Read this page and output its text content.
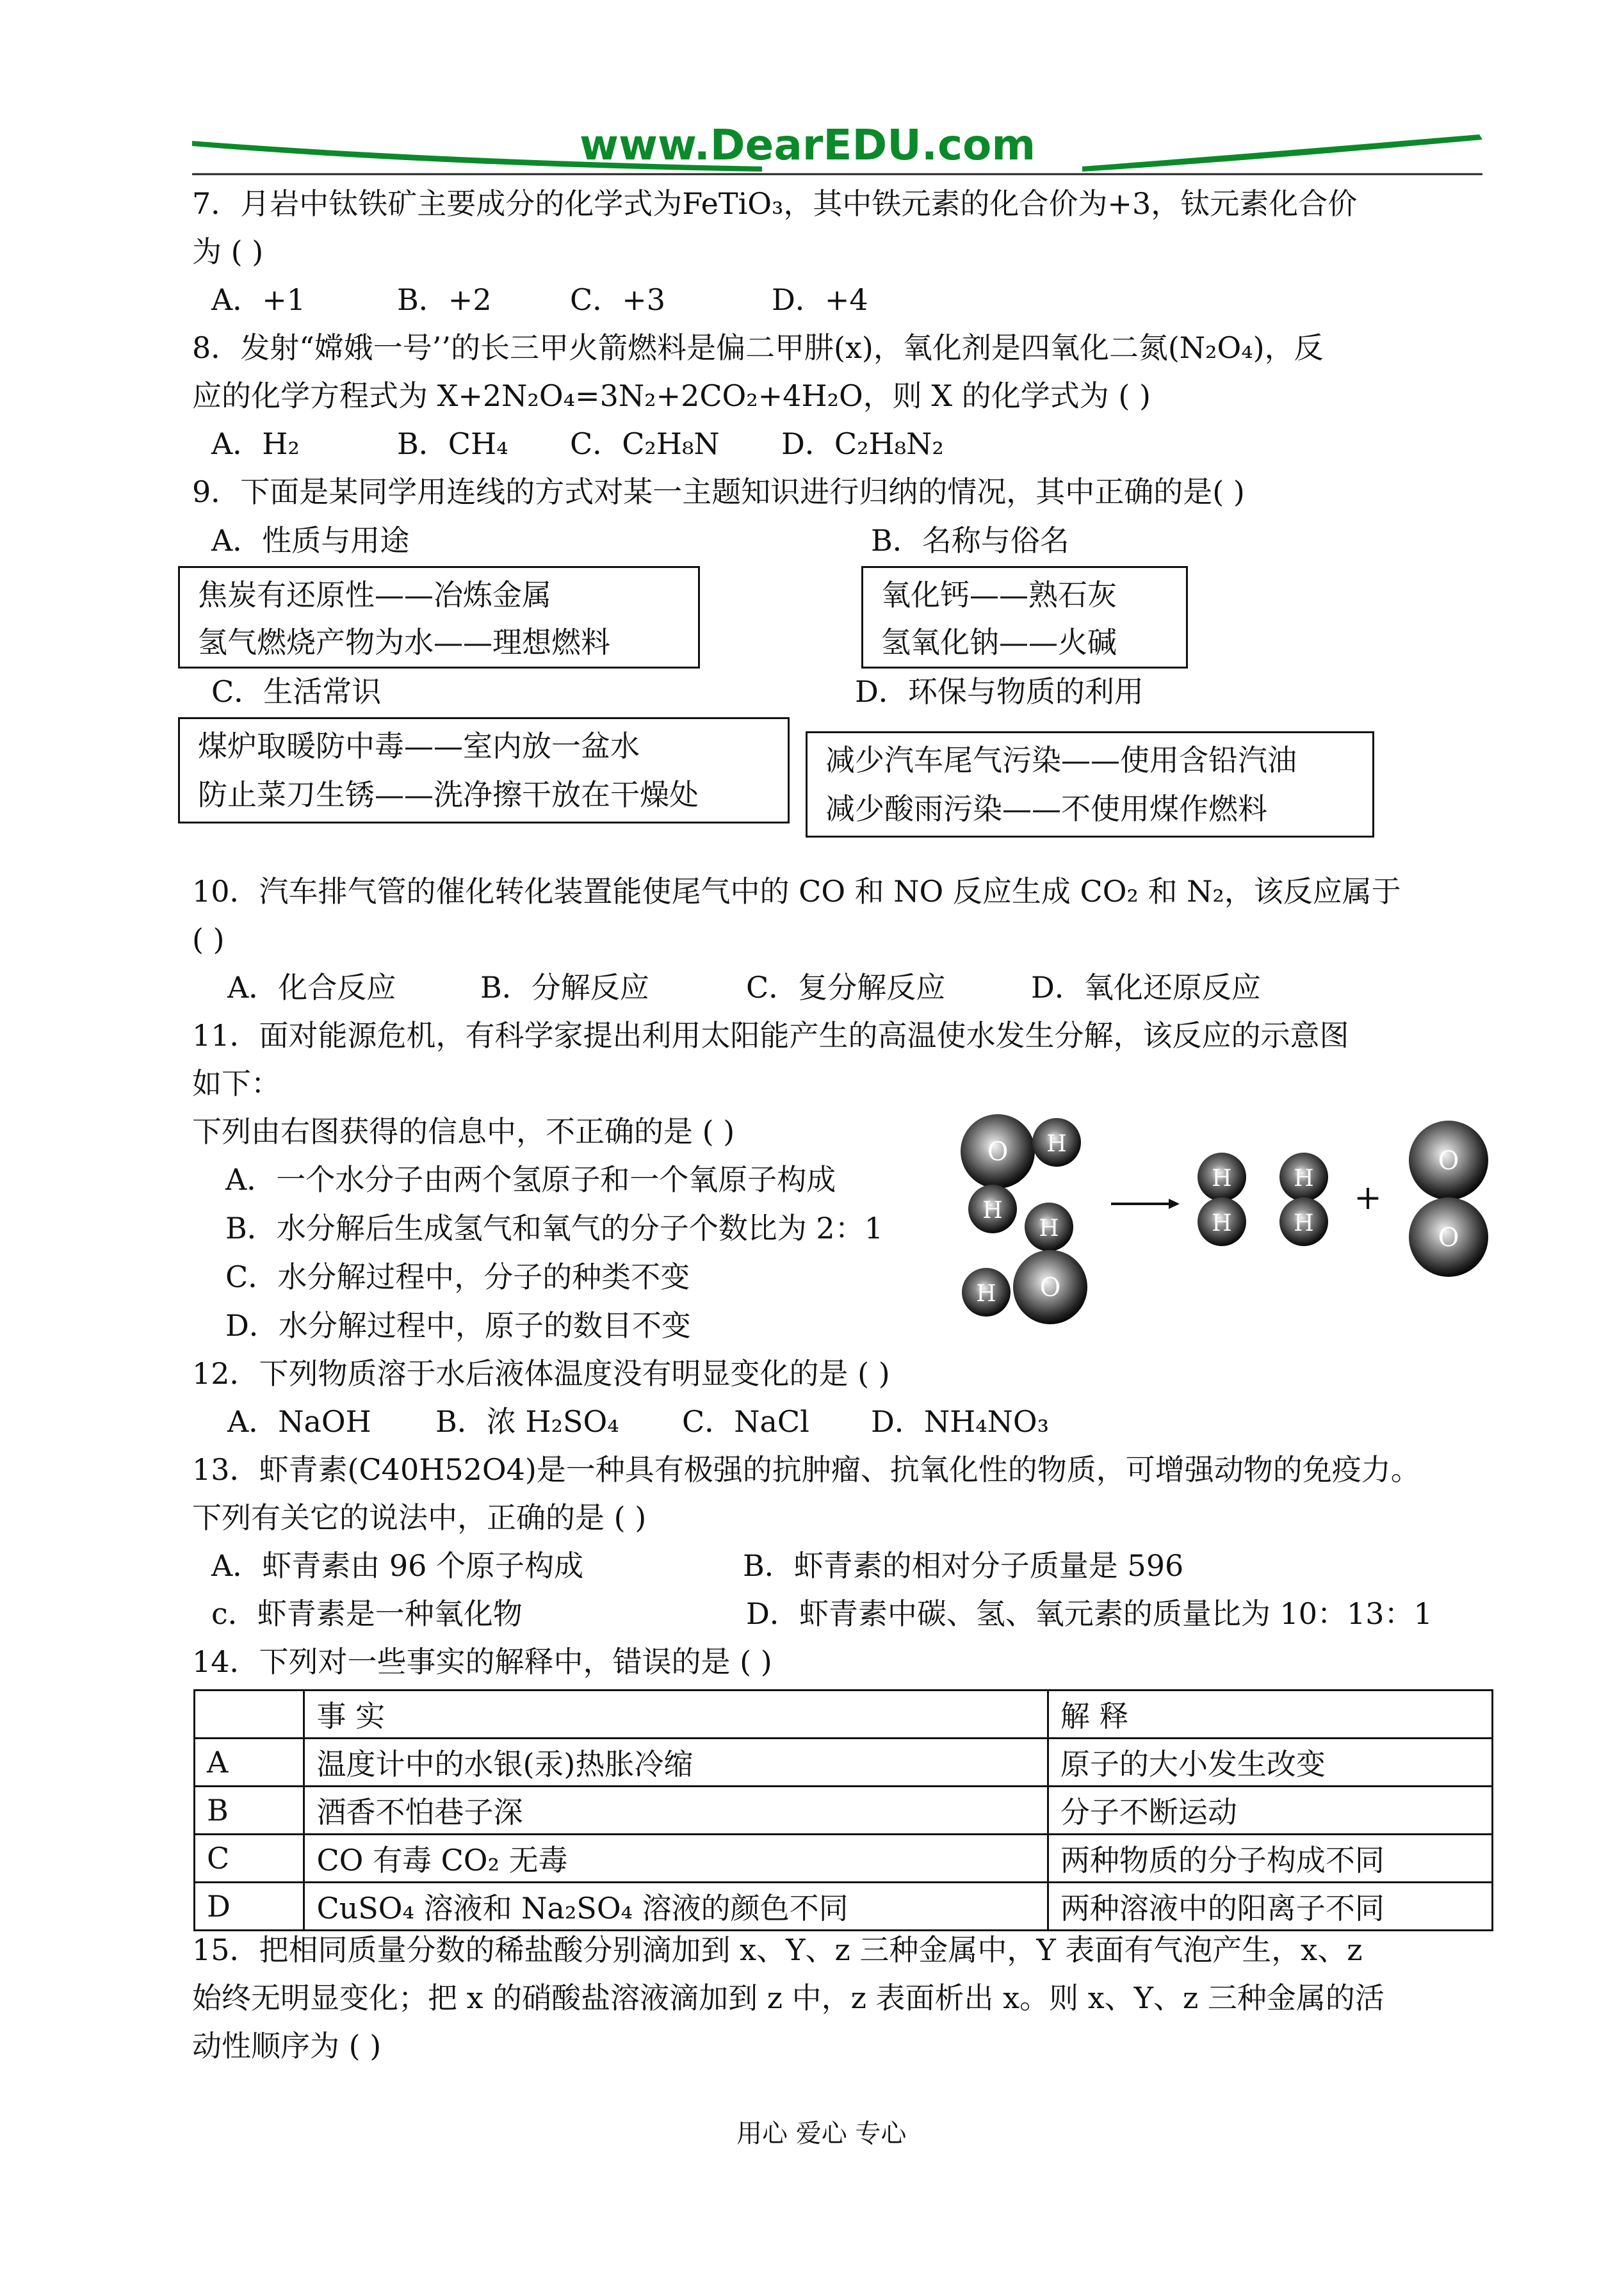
www.DearEDU.com
7．月岩中钛铁矿主要成分的化学式为FeTiO₃，其中铁元素的化合价为+3，钛元素化合价
为 ( )
A．+1	B．+2	C．+3	D．+4
8．发射“嫦娥一号’’的长三甲火箭燃料是偏二甲肼(x)，氧化剂是四氧化二氮(N₂O₄)，反
应的化学方程式为 X+2N₂O₄=3N₂+2CO₂+4H₂O，则 X 的化学式为 ( )
A．H₂	B．CH₄ C．C₂H₈N D．C₂H₈N₂
9．下面是某同学用连线的方式对某一主题知识进行归纳的情况，其中正确的是( )
A．性质与用途	B．名称与俗名
焦炭有还原性——冶炼金属
氢气燃烧产物为水——理想燃料
氧化钙——熟石灰
氢氧化钠——火碱
C．生活常识	D．环保与物质的利用
煤炉取暖防中毒——室内放一盆水
防止菜刀生锈——洗净擦干放在干燥处
减少汽车尾气污染——使用含铅汽油
减少酸雨污染——不使用煤作燃料
10．汽车排气管的催化转化装置能使尾气中的 CO 和 NO 反应生成 CO₂ 和 N₂，该反应属于
( )
A．化合反应	B．分解反应	C．复分解反应	D．氧化还原反应
11．面对能源危机，有科学家提出利用太阳能产生的高温使水发生分解，该反应的示意图
如下：
下列由右图获得的信息中，不正确的是 ( )
A．一个水分子由两个氢原子和一个氧原子构成
B．水分解后生成氢气和氧气的分子个数比为 2：1
C．水分解过程中，分子的种类不变
D．水分解过程中，原子的数目不变
O H
H
H
O
H
H
H
H
H
+
O
O
12．下列物质溶于水后液体温度没有明显变化的是 ( )
A．NaOH B．浓 H₂SO₄ C．NaCl D．NH₄NO₃
13．虾青素(C40H52O4)是一种具有极强的抗肿瘤、抗氧化性的物质，可增强动物的免疫力。
下列有关它的说法中，正确的是 ( )
A．虾青素由 96 个原子构成	B．虾青素的相对分子质量是 596
c．虾青素是一种氧化物	D．虾青素中碳、氢、氧元素的质量比为 10：13：1
14．下列对一些事实的解释中，错误的是 ( )
	事 实	解 释
A	温度计中的水银(汞)热胀冷缩	原子的大小发生改变
B	酒香不怕巷子深	分子不断运动
C	CO 有毒 CO₂ 无毒	两种物质的分子构成不同
D	CuSO₄ 溶液和 Na₂SO₄ 溶液的颜色不同	两种溶液中的阳离子不同
15．把相同质量分数的稀盐酸分别滴加到 x、Y、z 三种金属中，Y 表面有气泡产生，x、z
始终无明显变化；把 x 的硝酸盐溶液滴加到 z 中，z 表面析出 x。则 x、Y、z 三种金属的活
动性顺序为 ( )
用心 爱心 专心
